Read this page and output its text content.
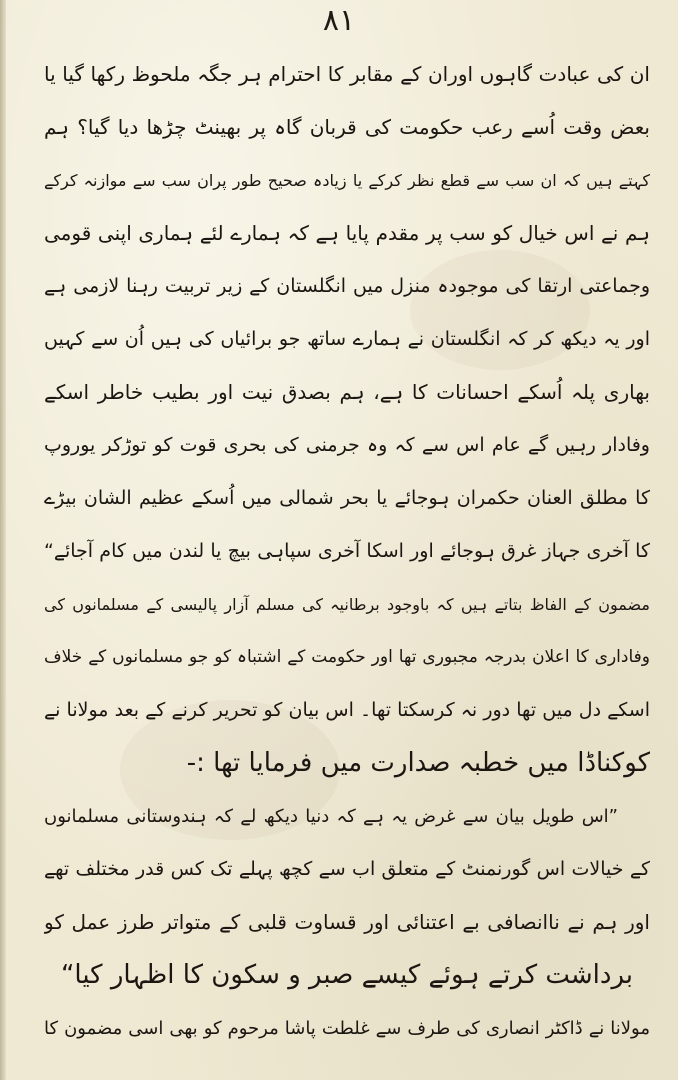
۸۱
ان کی عبادت گاہوں اوران کے مقابر کا احترام ہر جگہ ملحوظ رکھا گیا یا
بعض وقت اُسے رعب حکومت کی قربان گاہ پر بھینٹ چڑھا دیا گیا؟ ہم
کہتے ہیں کہ ان سب سے قطع نظر کرکے یا زیادہ صحیح طور پران سب سے موازنہ کرکے
ہم نے اس خیال کو سب پر مقدم پایا ہے کہ ہمارے لئے ہماری اپنی قومی
وجماعتی ارتقا کی موجودہ منزل میں انگلستان کے زیر تربیت رہنا لازمی ہے
اور یہ دیکھ کر کہ انگلستان نے ہمارے ساتھ جو برائیاں کی ہیں اُن سے کہیں
بھاری پلہ اُسکے احسانات کا ہے، ہم بصدق نیت اور بطیب خاطر اسکے
وفادار رہیں گے عام اس سے کہ وہ جرمنی کی بحری قوت کو توڑکر یوروپ
کا مطلق العنان حکمران ہوجائے یا بحر شمالی میں اُسکے عظیم الشان بیڑے
کا آخری جہاز غرق ہوجائے اور اسکا آخری سپاہی بیچ یا لندن میں کام آجائے“
مضمون کے الفاظ بتاتے ہیں کہ باوجود برطانیہ کی مسلم آزار پالیسی کے مسلمانوں کی
وفاداری کا اعلان بدرجہ مجبوری تھا اور حکومت کے اشتباہ کو جو مسلمانوں کے خلاف
اسکے دل میں تھا دور نہ کرسکتا تھا۔ اس بیان کو تحریر کرنے کے بعد مولانا نے
کوکناڈا میں خطبہ صدارت میں فرمایا تھا :-
”اس طویل بیان سے غرض یہ ہے کہ دنیا دیکھ لے کہ ہندوستانی مسلمانوں
کے خیالات اس گورنمنٹ کے متعلق اب سے کچھ پہلے تک کس قدر مختلف تھے
اور ہم نے ناانصافی بے اعتنائی اور قساوت قلبی کے متواتر طرز عمل کو
برداشت کرتے ہوئے کیسے صبر و سکون کا اظہار کیا“
مولانا نے ڈاکٹر انصاری کی طرف سے غلطت پاشا مرحوم کو بھی اسی مضمون کا
